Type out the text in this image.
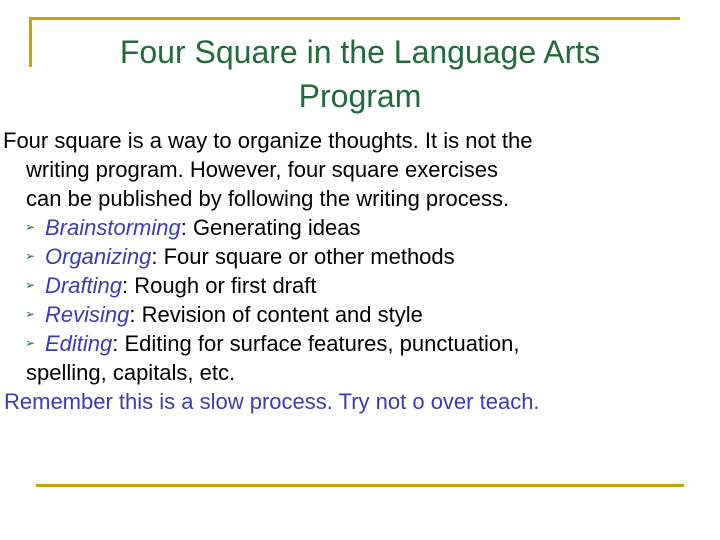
Four Square in the Language Arts
Program
Four square is a way to organize thoughts. It is not the
writing program. However, four square exercises
can be published by following the writing process.
➢ Brainstorming: Generating ideas
➢ Organizing: Four square or other methods
➢ Drafting: Rough or first draft
➢ Revising: Revision of content and style
➢ Editing: Editing for surface features, punctuation,
spelling, capitals, etc.
Remember this is a slow process. Try not o over teach.
